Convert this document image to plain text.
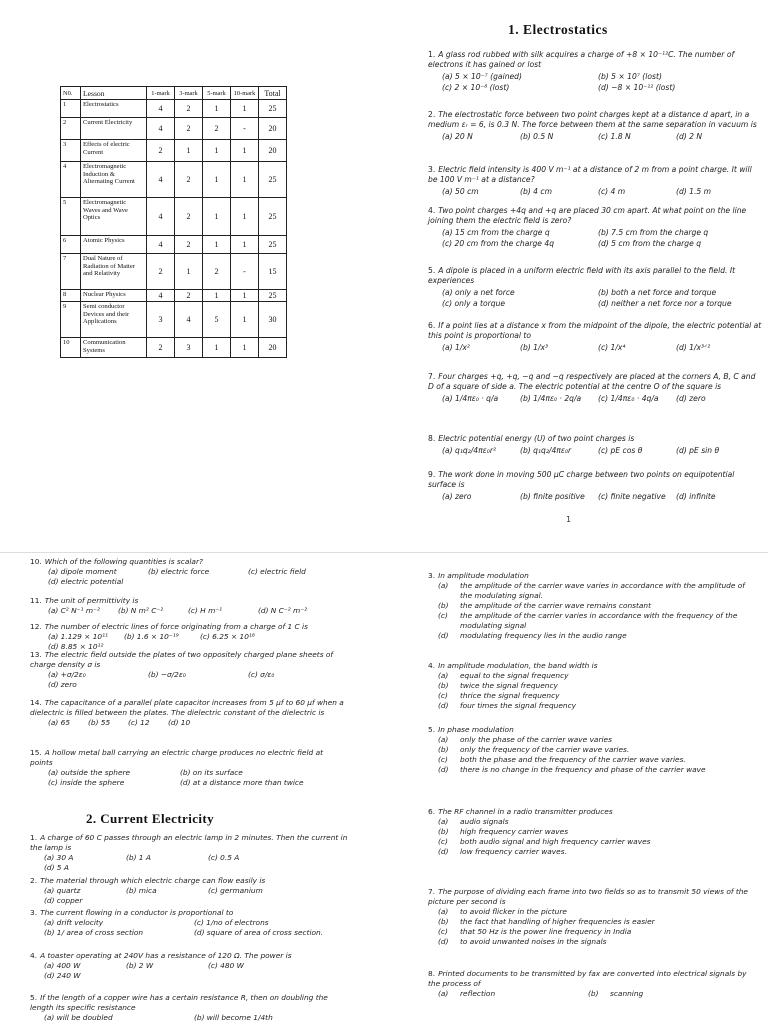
1. Electrostatics
N0.	Lesson	1-mark	3-mark	5-mark	10-mark	Total
1	Electrostatics	4	2	1	1	25
2	Current Electricity	4	2	2	-	20
3	Effects of electric Current	2	1	1	1	20
4	Electromagnetic Induction & Alternating Current	4	2	1	1	25
5	Electromagnetic Waves and Wave Optics	4	2	1	1	25
6	Atomic Physics	4	2	1	1	25
7	Dual Nature of Radiation of Matter and Relativity	2	1	2	-	15
8	Nuclear Physics	4	2	1	1	25
9	Semi conductor Devices and their Applications	3	4	5	1	30
10	Communication Systems	2	3	1	1	20
1. A glass rod rubbed with silk acquires a charge of +8 × 10⁻¹²C. The number of electrons it has gained or lost
(a) 5 × 10⁻⁷ (gained)	(b) 5 × 10⁷ (lost)
(c) 2 × 10⁻⁸ (lost)	(d) −8 × 10⁻¹² (lost)
2. The electrostatic force between two point charges kept at a distance d apart, in a medium εᵣ = 6, is 0.3 N. The force between them at the same separation in vacuum is
(a) 20 N	(b) 0.5 N	(c) 1.8 N	(d) 2 N
3. Electric field intensity is 400 V m⁻¹ at a distance of 2 m from a point charge. It will be 100 V m⁻¹ at a distance?
(a) 50 cm	(b) 4 cm	(c) 4 m	(d) 1.5 m
4. Two point charges +4q and +q are placed 30 cm apart. At what point on the line joining them the electric field is zero?
(a) 15 cm from the charge q	(b) 7.5 cm from the charge q
(c) 20 cm from the charge 4q	(d) 5 cm from the charge q
5. A dipole is placed in a uniform electric field with its axis parallel to the field. It experiences
(a) only a net force	(b) both a net force and torque
(c) only a torque	(d) neither a net force nor a torque
6. If a point lies at a distance x from the midpoint of the dipole, the electric potential at this point is proportional to
(a) 1/x²	(b) 1/x³	(c) 1/x⁴	(d) 1/x³ᐟ²
7. Four charges +q, +q, −q and −q respectively are placed at the corners A, B, C and D of a square of side a. The electric potential at the centre O of the square is
(a) 1/4πε₀ · q/a	(b) 1/4πε₀ · 2q/a	(c) 1/4πε₀ · 4q/a	(d) zero
8. Electric potential energy (U) of two point charges is
(a) q₁q₂/4πε₀r²	(b) q₁q₂/4πε₀r	(c) pE cos θ	(d) pE sin θ
9. The work done in moving 500 μC charge between two points on equipotential surface is
(a) zero	(b) finite positive	(c) finite negative	(d) infinite
1
10. Which of the following quantities is scalar?
(a) dipole moment	(b) electric force	(c) electric field
(d) electric potential
11. The unit of permittivity is
(a) C² N⁻¹ m⁻²	(b) N m² C⁻²	(c) H m⁻¹	(d) N C⁻² m⁻²
12. The number of electric lines of force originating from a charge of 1 C is
(a) 1.129 × 10¹¹	(b) 1.6 × 10⁻¹⁹	(c) 6.25 × 10¹⁸
(d) 8.85 × 10¹²
13. The electric field outside the plates of two oppositely charged plane sheets of charge density σ is
(a) +σ/2ε₀	(b) −σ/2ε₀	(c) σ/ε₀
(d) zero
14. The capacitance of a parallel plate capacitor increases from 5 μf to 60 μf when a dielectric is filled between the plates. The dielectric constant of the dielectric is
(a) 65	(b) 55	(c) 12	(d) 10
15. A hollow metal ball carrying an electric charge produces no electric field at points
(a) outside the sphere	(b) on its surface
(c) inside the sphere	(d) at a distance more than twice
2. Current Electricity
1. A charge of 60 C passes through an electric lamp in 2 minutes. Then the current in the lamp is
(a) 30 A	(b) 1 A	(c) 0.5 A
(d) 5 A
2. The material through which electric charge can flow easily is
(a) quartz	(b) mica	(c) germanium
(d) copper
3. The current flowing in a conductor is proportional to
(a) drift velocity	(c) 1/no of electrons
(b) 1/ area of cross section	(d) square of area of cross section.
4. A toaster operating at 240V has a resistance of 120 Ω. The power is
(a) 400 W	(b) 2 W	(c) 480 W
(d) 240 W
5. If the length of a copper wire has a certain resistance R, then on doubling the length its specific resistance
(a) will be doubled	(b) will become 1/4th
3. In amplitude modulation
(a)	the amplitude of the carrier wave varies in accordance with the amplitude of the modulating signal.
(b)	the amplitude of the carrier wave remains constant
(c)	the amplitude of the carrier varies in accordance with the frequency of the modulating signal
(d)	modulating frequency lies in the audio range
4. In amplitude modulation, the band width is
(a)	equal to the signal frequency
(b)	twice the signal frequency
(c)	thrice the signal frequency
(d)	four times the signal frequency
5. In phase modulation
(a)	only the phase of the carrier wave varies
(b)	only the frequency of the carrier wave varies.
(c)	both the phase and the frequency of the carrier wave varies.
(d)	there is no change in the frequency and phase of the carrier wave
6. The RF channel in a radio transmitter produces
(a)	audio signals
(b)	high frequency carrier waves
(c)	both audio signal and high frequency carrier waves
(d)	low frequency carrier waves.
7. The purpose of dividing each frame into two fields so as to transmit 50 views of the picture per second is
(a)	to avoid flicker in the picture
(b)	the fact that handling of higher frequencies is easier
(c)	that 50 Hz is the power line frequency in India
(d)	to avoid unwanted noises in the signals
8. Printed documents to be transmitted by fax are converted into electrical signals by the process of
(a) reflection	(b) scanning
